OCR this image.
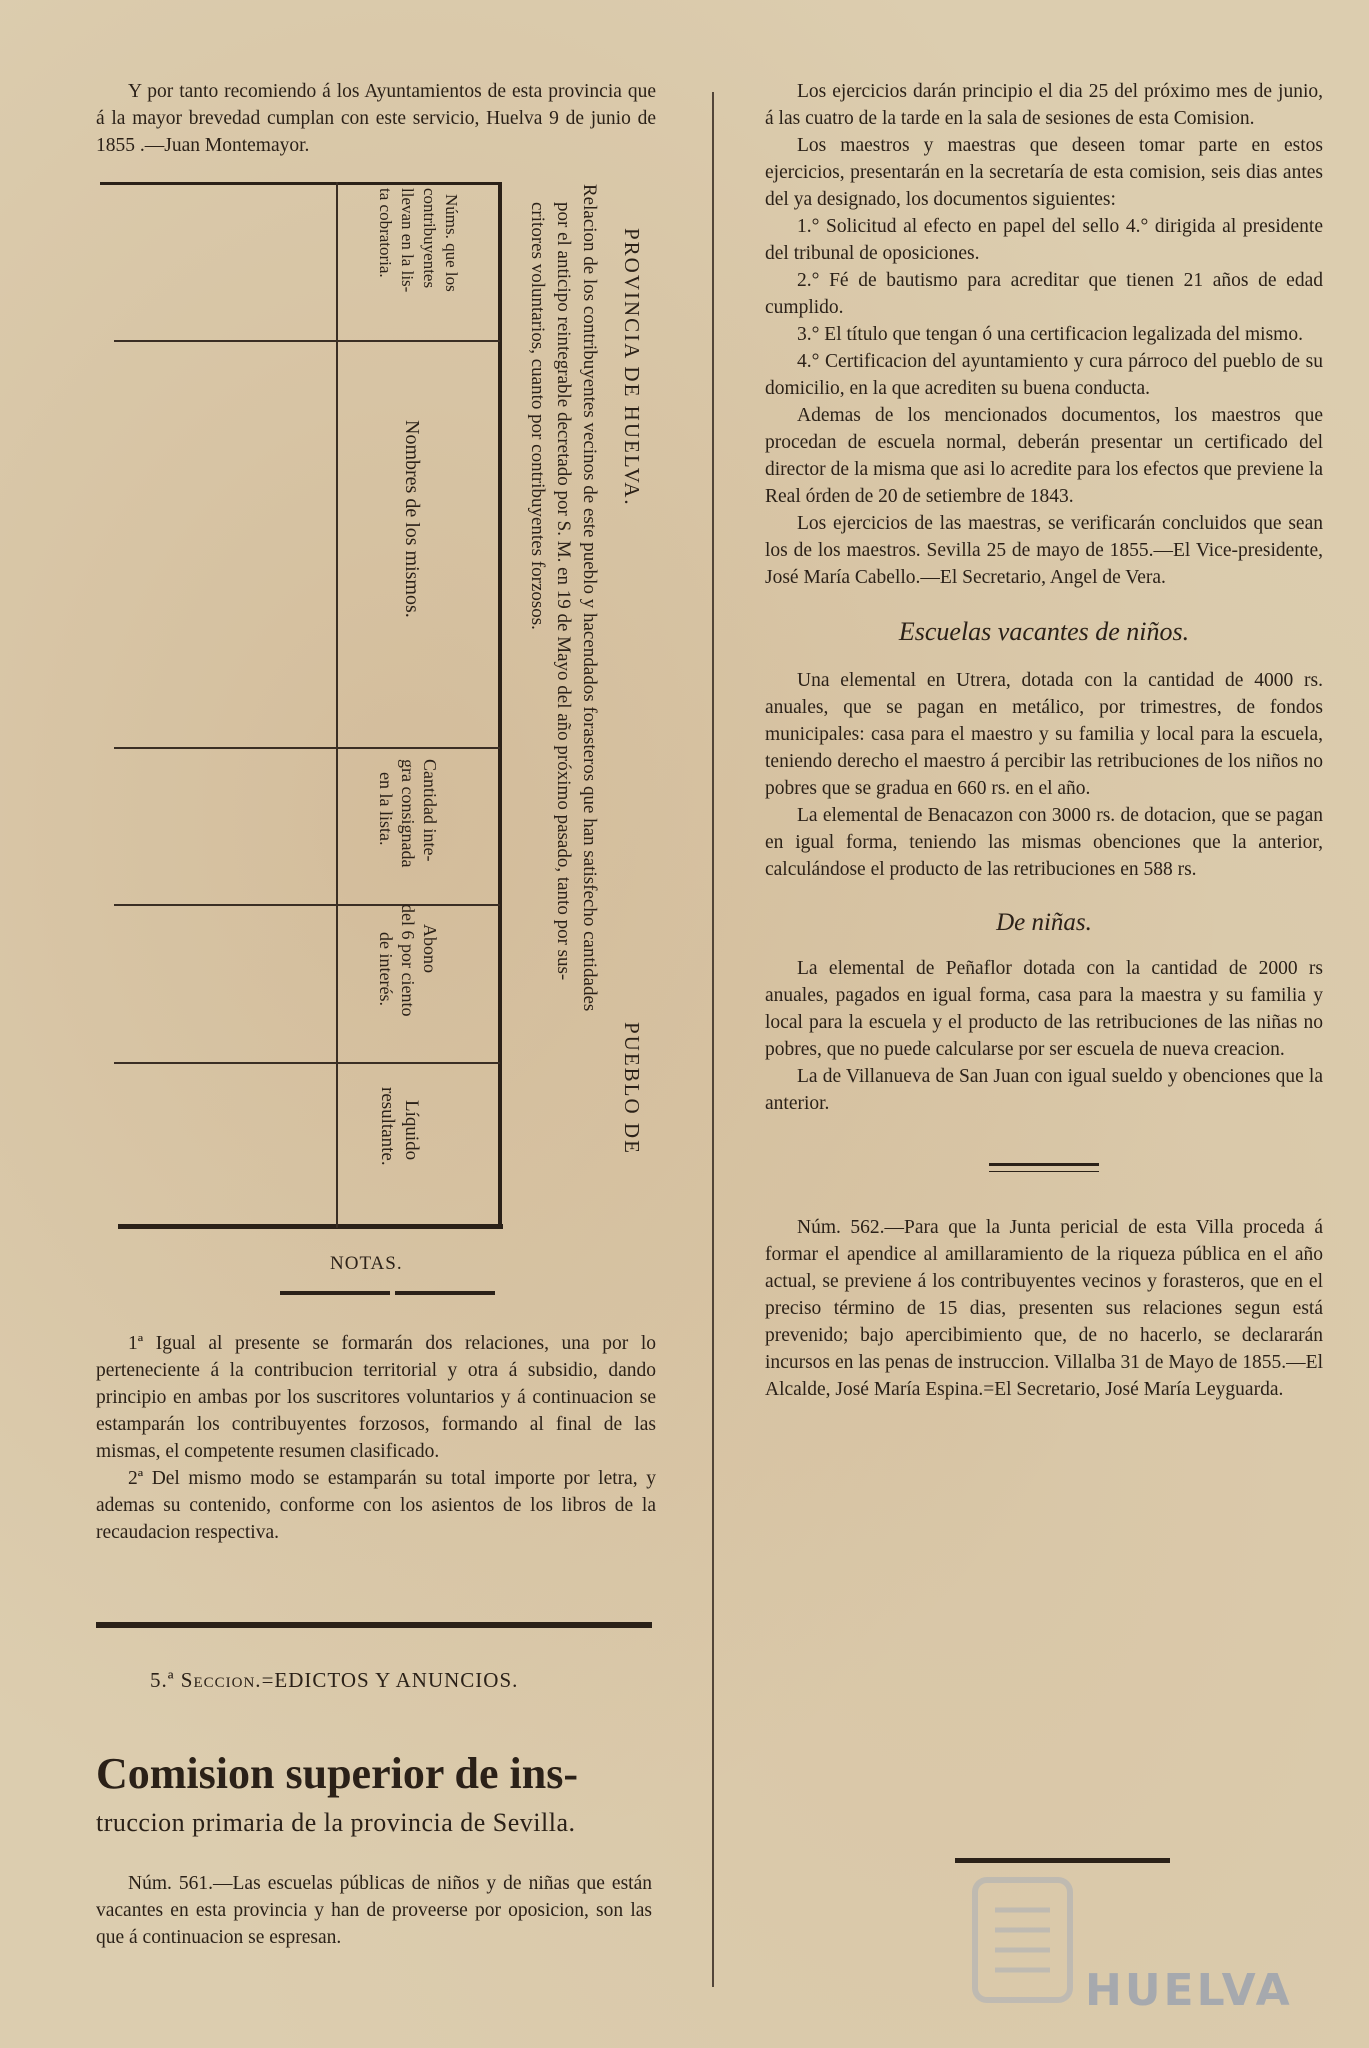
Y por tanto recomiendo á los Ayuntamientos de esta provincia que á la mayor brevedad cumplan con este servicio, Huelva 9 de junio de 1855 .—Juan Montemayor.

PROVINCIA DE HUELVA.
PUEBLO DE
Relacion de los contribuyentes vecinos de este pueblo y hacendados forasteros que han satisfecho cantidades
por el anticipo reintegrable decretado por S. M. en 19 de Mayo del año próximo pasado, tanto por sus-
critores voluntarios, cuanto por contribuyentes forzosos.
Núms. que los
contribuyentes
llevan en la lis-
ta cobratoria.
Nombres de los mismos.
Cantidad inte-
gra consignada
en la lista.
Abono
del 6 por ciento
de interés.
Líquido
resultante.
NOTAS.

1ª Igual al presente se formarán dos relaciones, una por lo perteneciente á la contribucion territorial y otra á subsidio, dando principio en ambas por los suscritores voluntarios y á continuacion se estamparán los contribuyentes forzosos, formando al final de las mismas, el competente resumen clasificado.

2ª Del mismo modo se estamparán su total importe por letra, y ademas su contenido, conforme con los asientos de los libros de la recaudacion respectiva.

5.ª Seccion.=EDICTOS Y ANUNCIOS.
Comision superior de ins-
truccion primaria de la provincia de Sevilla.

Núm. 561.—Las escuelas públicas de niños y de niñas que están vacantes en esta provincia y han de proveerse por oposicion, son las que á continuacion se espresan.

Los ejercicios darán principio el dia 25 del próximo mes de junio, á las cuatro de la tarde en la sala de sesiones de esta Comision.

Los maestros y maestras que deseen tomar parte en estos ejercicios, presentarán en la secretaría de esta comision, seis dias antes del ya designado, los documentos siguientes:

1.° Solicitud al efecto en papel del sello 4.° dirigida al presidente del tribunal de oposiciones.

2.° Fé de bautismo para acreditar que tienen 21 años de edad cumplido.

3.° El título que tengan ó una certificacion legalizada del mismo.

4.° Certificacion del ayuntamiento y cura párroco del pueblo de su domicilio, en la que acrediten su buena conducta.

Ademas de los mencionados documentos, los maestros que procedan de escuela normal, deberán presentar un certificado del director de la misma que asi lo acredite para los efectos que previene la Real órden de 20 de setiembre de 1843.

Los ejercicios de las maestras, se verificarán concluidos que sean los de los maestros. Sevilla 25 de mayo de 1855.—El Vice-presidente, José María Cabello.—El Secretario, Angel de Vera.

Escuelas vacantes de niños.

Una elemental en Utrera, dotada con la cantidad de 4000 rs. anuales, que se pagan en metálico, por trimestres, de fondos municipales: casa para el maestro y su familia y local para la escuela, teniendo derecho el maestro á percibir las retribuciones de los niños no pobres que se gradua en 660 rs. en el año.

La elemental de Benacazon con 3000 rs. de dotacion, que se pagan en igual forma, teniendo las mismas obenciones que la anterior, calculándose el producto de las retribuciones en 588 rs.

De niñas.

La elemental de Peñaflor dotada con la cantidad de 2000 rs anuales, pagados en igual forma, casa para la maestra y su familia y local para la escuela y el producto de las retribuciones de las niñas no pobres, que no puede calcularse por ser escuela de nueva creacion.

La de Villanueva de San Juan con igual sueldo y obenciones que la anterior.

Núm. 562.—Para que la Junta pericial de esta Villa proceda á formar el apendice al amillaramiento de la riqueza pública en el año actual, se previene á los contribuyentes vecinos y forasteros, que en el preciso término de 15 dias, presenten sus relaciones segun está prevenido; bajo apercibimiento que, de no hacerlo, se declararán incursos en las penas de instruccion. Villalba 31 de Mayo de 1855.—El Alcalde, José María Espina.=El Secretario, José María Leyguarda.

HUELVA
